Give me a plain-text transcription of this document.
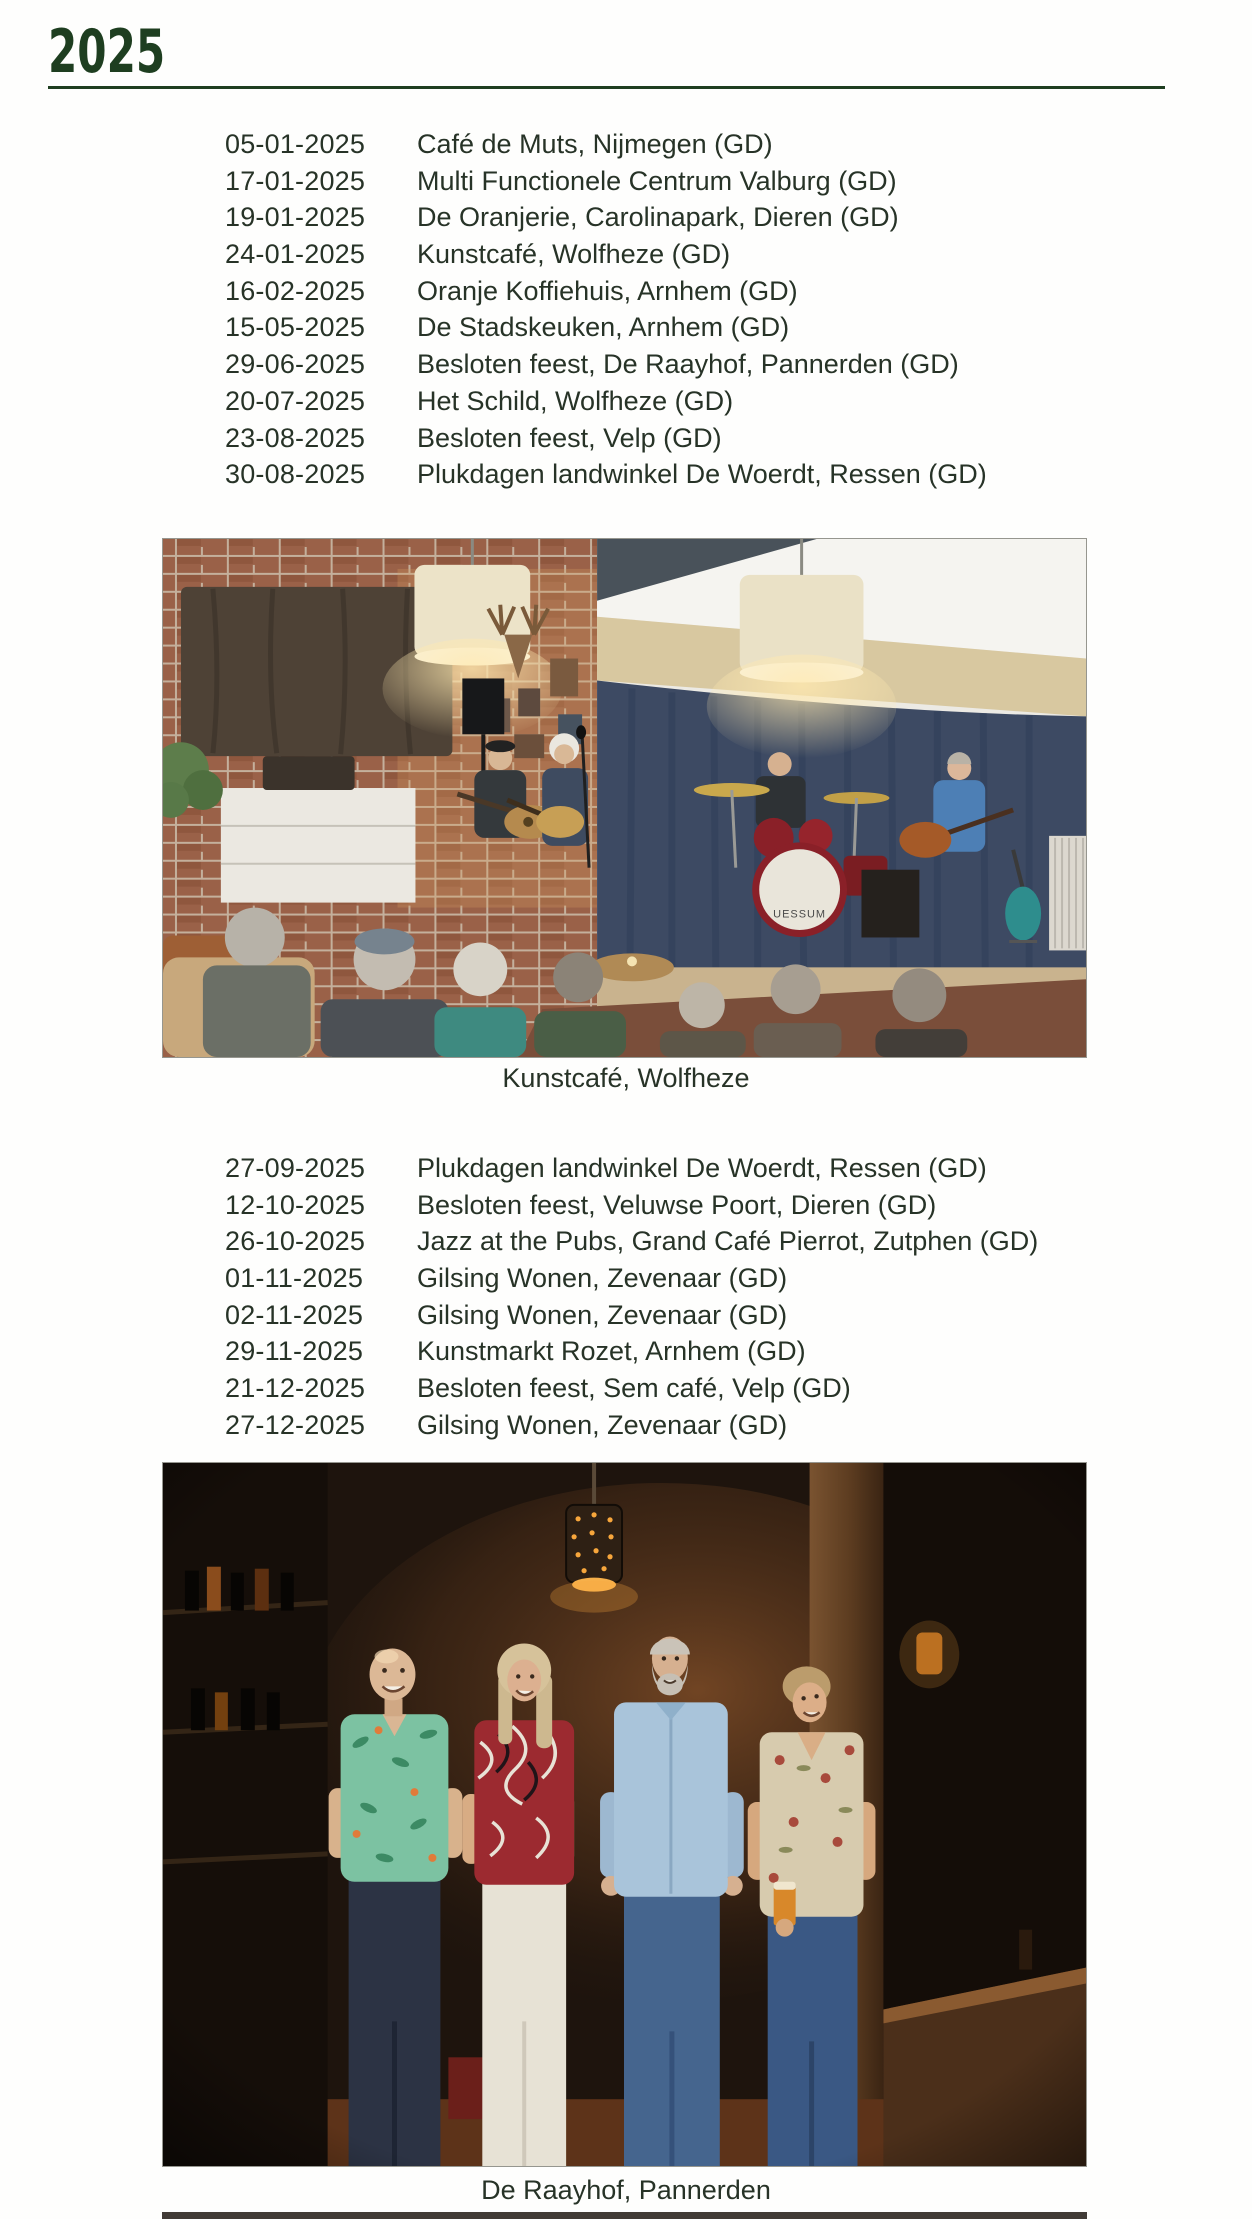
2025
05-01-2025	Café de Muts, Nijmegen (GD)
17-01-2025	Multi Functionele Centrum Valburg (GD)
19-01-2025	De Oranjerie, Carolinapark, Dieren (GD)
24-01-2025	Kunstcafé, Wolfheze (GD)
16-02-2025	Oranje Koffiehuis, Arnhem (GD)
15-05-2025	De Stadskeuken, Arnhem (GD)
29-06-2025	Besloten feest, De Raayhof, Pannerden (GD)
20-07-2025	Het Schild, Wolfheze (GD)
23-08-2025	Besloten feest, Velp (GD)
30-08-2025	Plukdagen landwinkel De Woerdt, Ressen (GD)
UESSUM
Kunstcafé, Wolfheze
27-09-2025	Plukdagen landwinkel De Woerdt, Ressen (GD)
12-10-2025	Besloten feest, Veluwse Poort, Dieren (GD)
26-10-2025	Jazz at the Pubs, Grand Café Pierrot, Zutphen (GD)
01-11-2025	Gilsing Wonen, Zevenaar (GD)
02-11-2025	Gilsing Wonen, Zevenaar (GD)
29-11-2025	Kunstmarkt Rozet, Arnhem (GD)
21-12-2025	Besloten feest, Sem café, Velp (GD)
27-12-2025	Gilsing Wonen, Zevenaar (GD)
De Raayhof, Pannerden
